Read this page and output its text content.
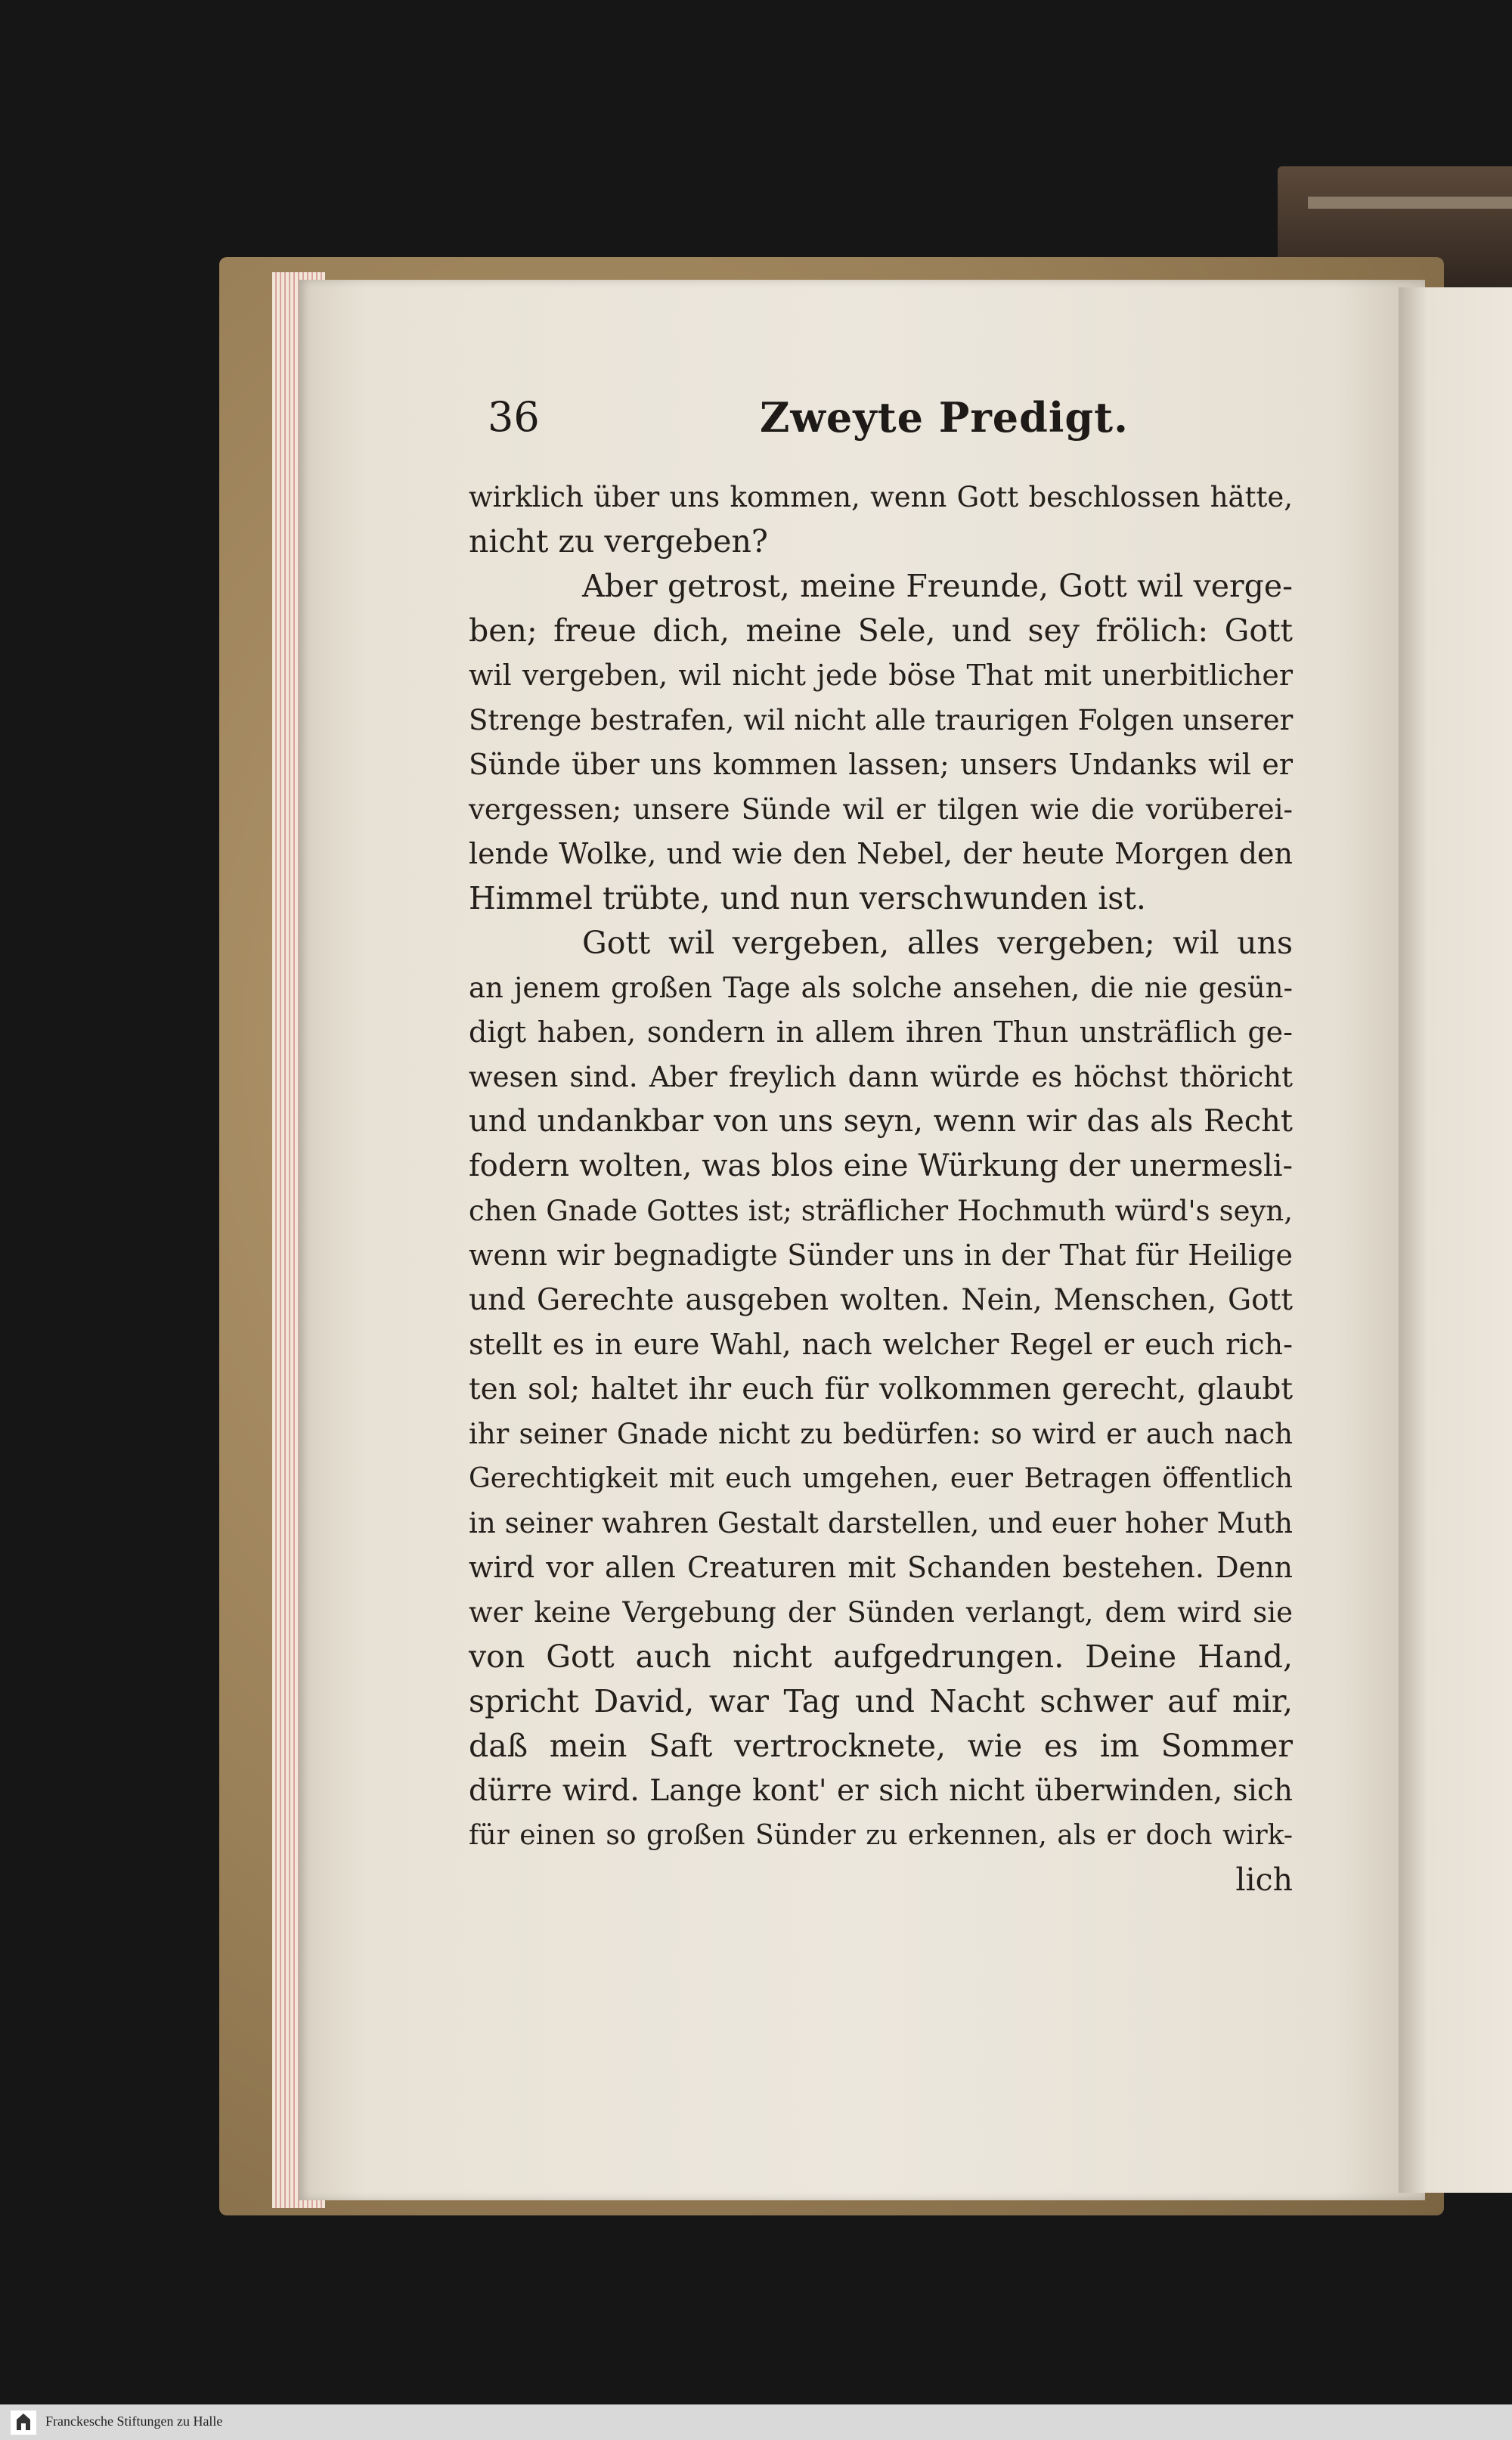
36	Zweyte Predigt.
wirklich über uns kommen, wenn Gott beschlossen hätte,
nicht zu vergeben?
Aber getrost, meine Freunde, Gott wil verge-
ben; freue dich, meine Sele, und sey frölich: Gott
wil vergeben, wil nicht jede böse That mit unerbitlicher
Strenge bestrafen, wil nicht alle traurigen Folgen unserer
Sünde über uns kommen lassen; unsers Undanks wil er
vergessen; unsere Sünde wil er tilgen wie die vorüberei-
lende Wolke, und wie den Nebel, der heute Morgen den
Himmel trübte, und nun verschwunden ist.
Gott wil vergeben, alles vergeben; wil uns
an jenem großen Tage als solche ansehen, die nie gesün-
digt haben, sondern in allem ihren Thun unsträflich ge-
wesen sind. Aber freylich dann würde es höchst thöricht
und undankbar von uns seyn, wenn wir das als Recht
fodern wolten, was blos eine Würkung der unermesli-
chen Gnade Gottes ist; sträflicher Hochmuth würd's seyn,
wenn wir begnadigte Sünder uns in der That für Heilige
und Gerechte ausgeben wolten. Nein, Menschen, Gott
stellt es in eure Wahl, nach welcher Regel er euch rich-
ten sol; haltet ihr euch für volkommen gerecht, glaubt
ihr seiner Gnade nicht zu bedürfen: so wird er auch nach
Gerechtigkeit mit euch umgehen, euer Betragen öffentlich
in seiner wahren Gestalt darstellen, und euer hoher Muth
wird vor allen Creaturen mit Schanden bestehen. Denn
wer keine Vergebung der Sünden verlangt, dem wird sie
von Gott auch nicht aufgedrungen. Deine Hand,
spricht David, war Tag und Nacht schwer auf mir,
daß mein Saft vertrocknete, wie es im Sommer
dürre wird. Lange kont' er sich nicht überwinden, sich
für einen so großen Sünder zu erkennen, als er doch wirk-
lich
Franckesche Stiftungen zu Halle
